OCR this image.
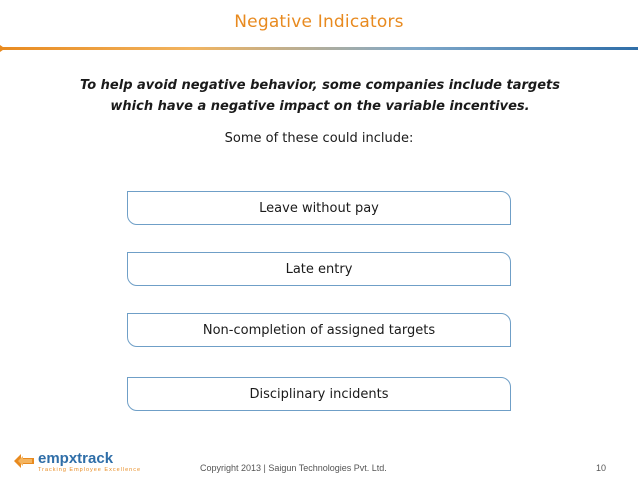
Negative Indicators
To help avoid negative behavior, some companies include targets which have a negative impact on the variable incentives.
Some of these could include:
Leave without pay
Late entry
Non-completion of assigned targets
Disciplinary incidents
empxtrack
Tracking Employee Excellence	Copyright 2013 | Saigun Technologies Pvt. Ltd.	10
